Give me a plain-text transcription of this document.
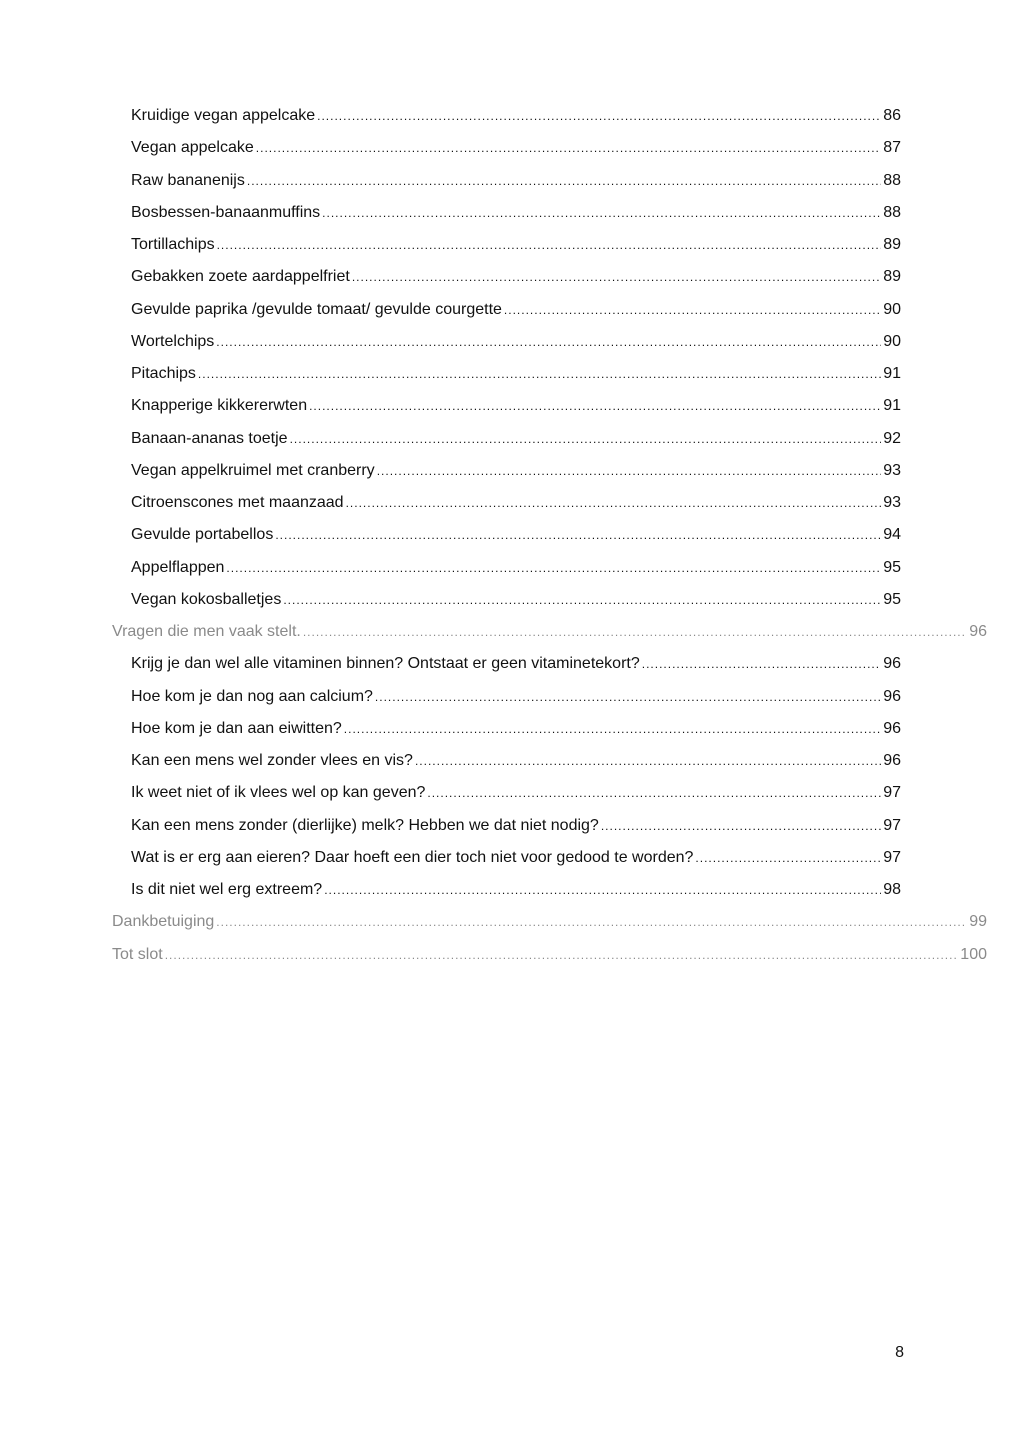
Kruidige vegan appelcake .....	86
Vegan appelcake .....	87
Raw bananenijs .....	88
Bosbessen-banaanmuffins .....	88
Tortillachips .....	89
Gebakken zoete aardappelfriet .....	89
Gevulde paprika /gevulde tomaat/ gevulde courgette .....	90
Wortelchips .....	90
Pitachips .....	91
Knapperige kikkererwten .....	91
Banaan-ananas toetje .....	92
Vegan appelkruimel met cranberry .....	93
Citroenscones met maanzaad .....	93
Gevulde portabellos .....	94
Appelflappen .....	95
Vegan kokosballetjes .....	95
Vragen die men vaak stelt. .....	96
Krijg je dan wel alle vitaminen binnen? Ontstaat er geen vitaminetekort? .....	96
Hoe kom je dan nog aan calcium? .....	96
Hoe kom je dan aan eiwitten? .....	96
Kan een mens wel zonder vlees en vis? .....	96
Ik weet niet of ik vlees wel op kan geven? .....	97
Kan een mens zonder (dierlijke) melk? Hebben we dat niet nodig? .....	97
Wat is er erg aan eieren? Daar hoeft een dier toch niet voor gedood te worden? .....	97
Is dit niet wel erg extreem? .....	98
Dankbetuiging .....	99
Tot slot .....	100
8
